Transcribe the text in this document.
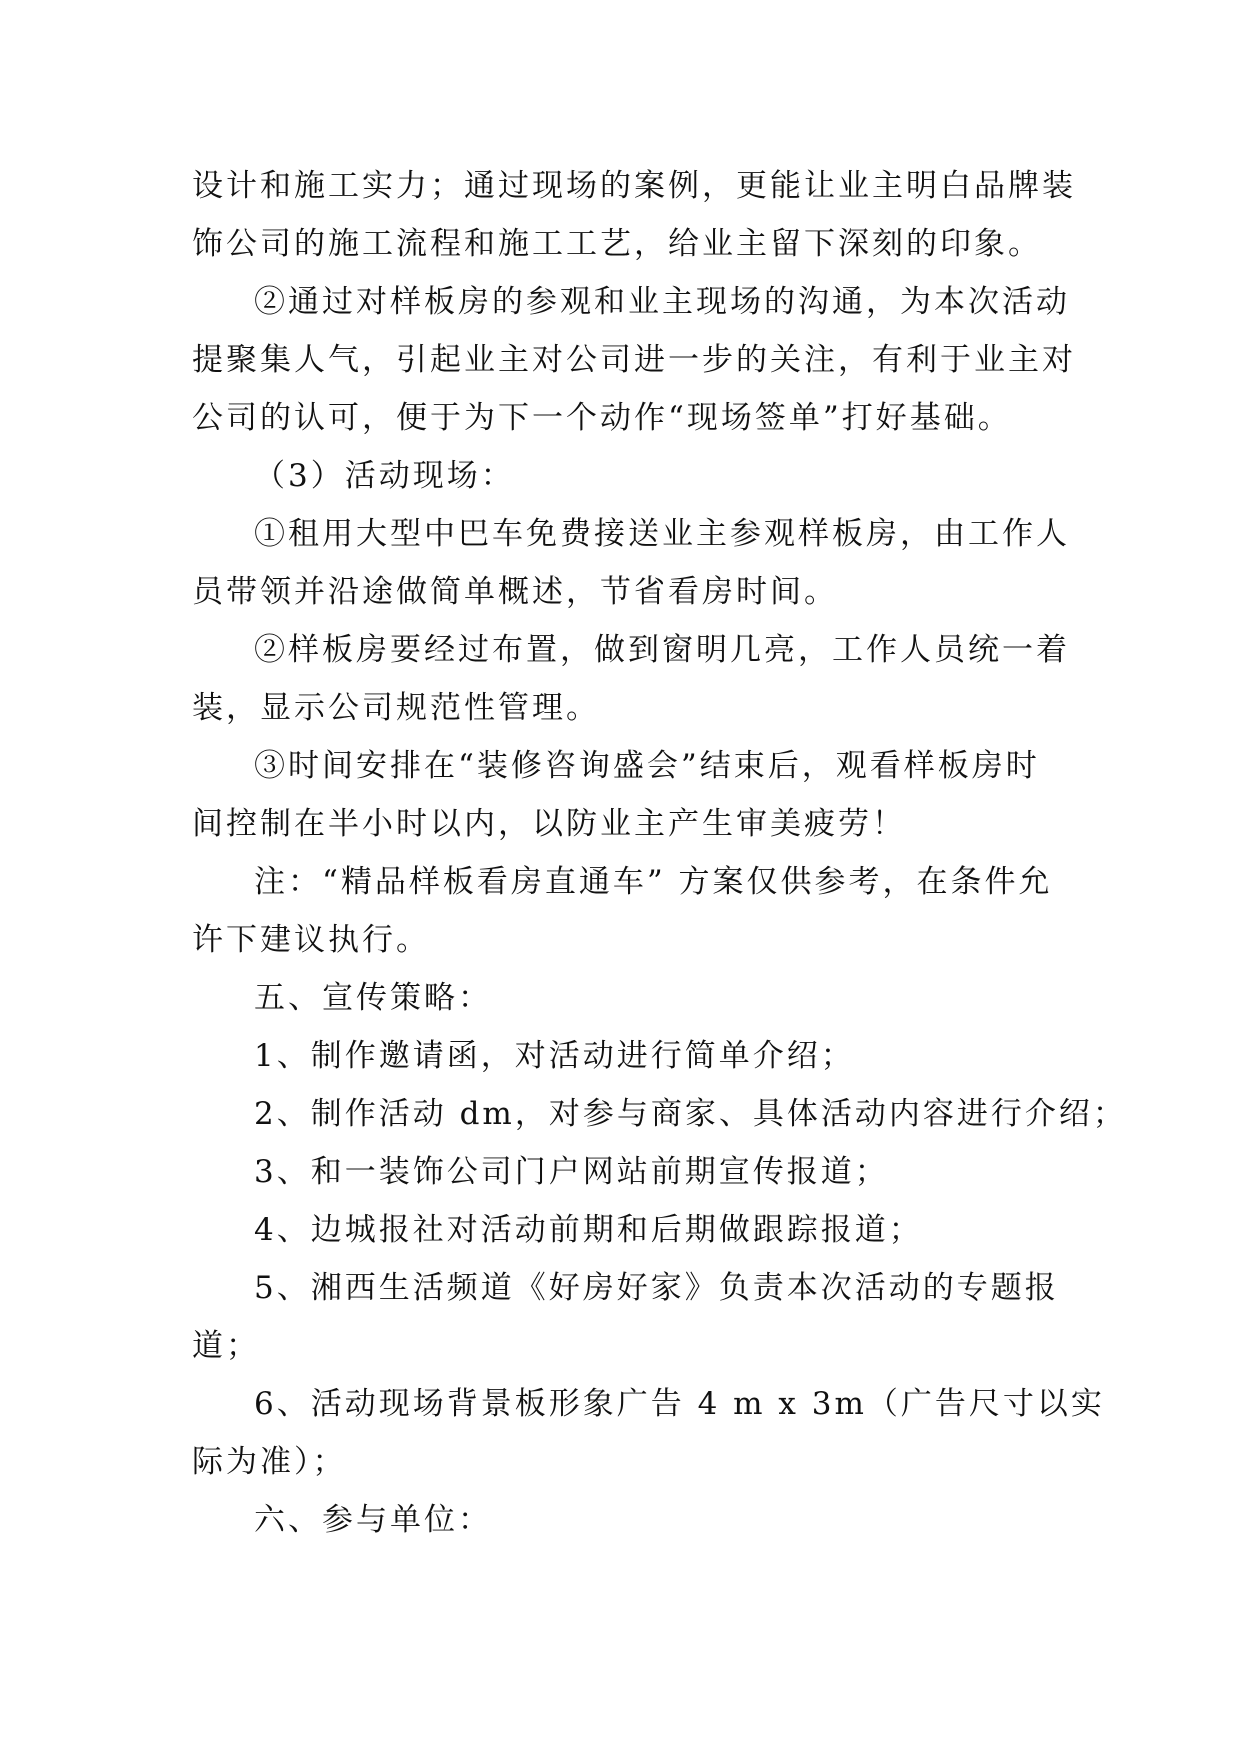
设计和施工实力；通过现场的案例，更能让业主明白品牌装
饰公司的施工流程和施工工艺，给业主留下深刻的印象。
②通过对样板房的参观和业主现场的沟通，为本次活动
提聚集人气，引起业主对公司进一步的关注，有利于业主对
公司的认可，便于为下一个动作“现场签单”打好基础。
（3）活动现场：
①租用大型中巴车免费接送业主参观样板房，由工作人
员带领并沿途做简单概述，节省看房时间。
②样板房要经过布置，做到窗明几亮，工作人员统一着
装，显示公司规范性管理。
③时间安排在“装修咨询盛会”结束后，观看样板房时
间控制在半小时以内，以防业主产生审美疲劳！
注：“精品样板看房直通车” 方案仅供参考，在条件允
许下建议执行。
五、宣传策略：
1、制作邀请函，对活动进行简单介绍；
2、制作活动 dm，对参与商家、具体活动内容进行介绍；
3、和一装饰公司门户网站前期宣传报道；
4、边城报社对活动前期和后期做跟踪报道；
5、湘西生活频道《好房好家》负责本次活动的专题报
道；
6、活动现场背景板形象广告 4 m x 3m（广告尺寸以实
际为准）；
六、参与单位：
